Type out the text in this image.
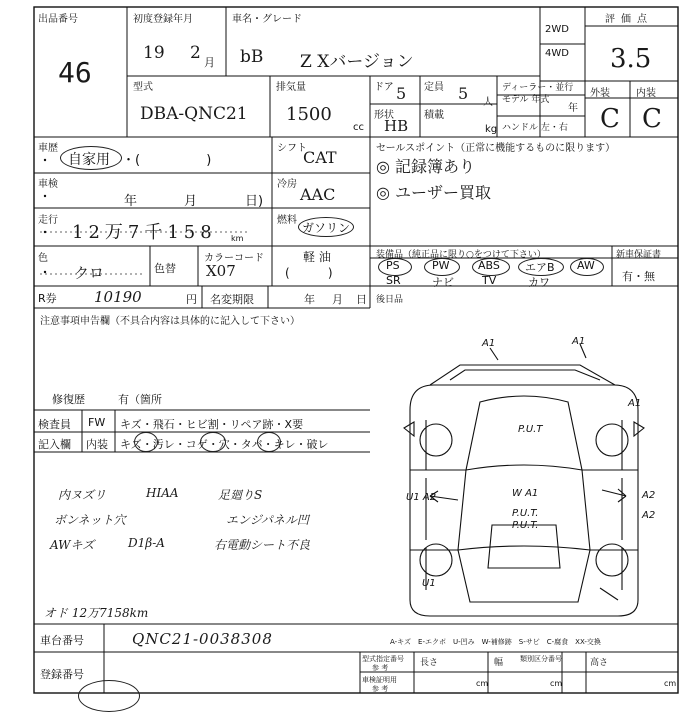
出品番号
46
初度登録年月
19 2 月
車名・グレード
bB Z Xバージョン
2WD
4WD
評価点
3.5
外装	内装
C C
型式
DBA-QNC21
排気量
1500
cc
ドア 5 定員 5 人
形状
HB
積載
kg
ディーラー・並行
モデル 年式
年
ハンドル 左・右
車歴
自家用 ・(                )
シフト
CAT
車検
年	月	日)
冷房
AAC
走行
12万7千158 km
燃料
ガソリン
軽 油
(          )
色
クロ	色替
カラーコード
X07
R券 10190	円 名変期限	年 月 日
セールスポイント（正常に機能するものに限ります）
◎ 記録簿あり
◎ ユーザー買取
装備品（純正品に限り○をつけて下さい）	新車保証書
有・無
PS	PW	ABS エアB AW
SR	ナビ	TV	カワ
後日品
注意事項申告欄（不具合内容は具体的に記入して下さい）
修復歴	有（箇所
検査員
記入欄
FW キズ・飛石・ヒビ割・リペア跡・X要
内装 キズ・汚レ・コゲ・穴・タバ・キレ・破レ
内ヌズリ	HIAA	足廻りS
ボンネット穴	エンジパネル凹
AWキズ	D1β-A	右電動シート不良
オド 12万7158km
A1	A1
A1
P.U.T
U1 A2	W A1
P.U.T.
P.U.T.
A2
A2
U1
A-キズ　E-エクボ　U-凹み　W-補修跡　S-サビ　C-腐食　XX-交換
車台番号	QNC21-0038308
登録番号
型式指定番号
参 考	長さ	幅 類別区分番号	高さ
cm	cm	cm
車検証明用
参 考
